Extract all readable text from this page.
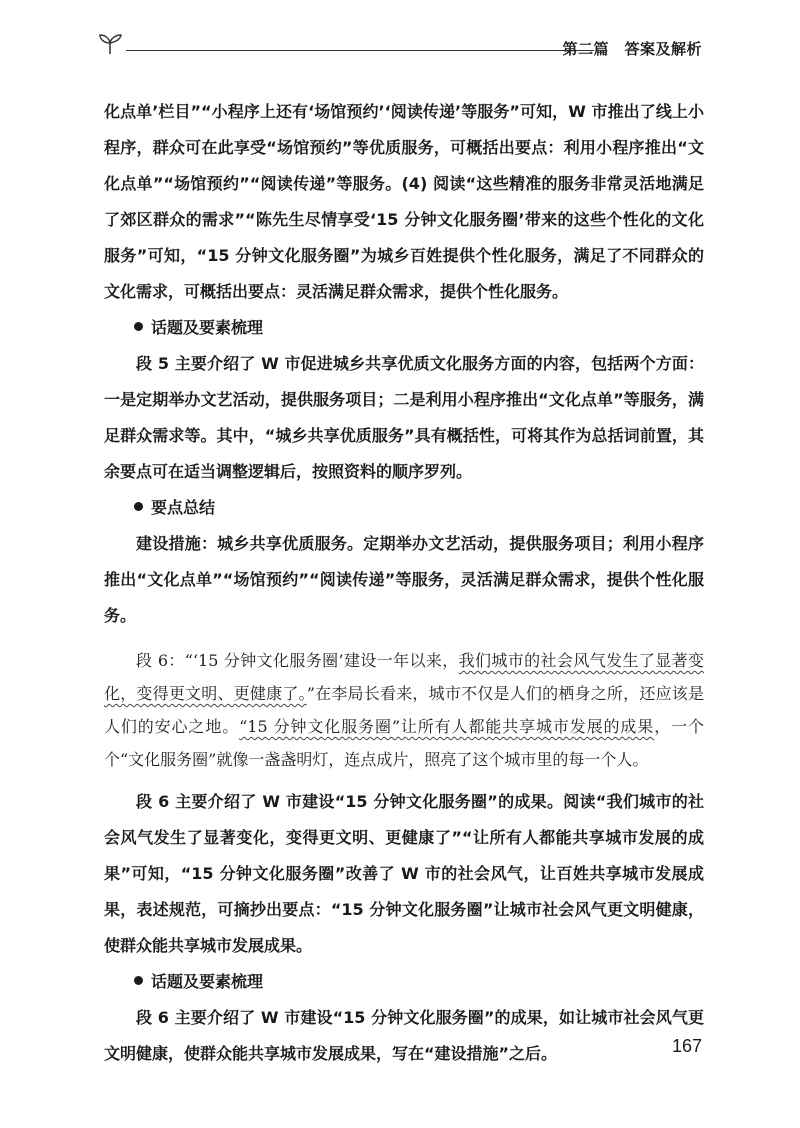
第二篇　答案及解析

化点单’栏目”“小程序上还有‘场馆预约’‘阅读传递’等服务”可知，W 市推出了线上小程序，群众可在此享受“场馆预约”等优质服务，可概括出要点：利用小程序推出“文化点单”“场馆预约”“阅读传递”等服务。(4) 阅读“这些精准的服务非常灵活地满足了郊区群众的需求”“陈先生尽情享受‘15 分钟文化服务圈’带来的这些个性化的文化服务”可知，“15 分钟文化服务圈”为城乡百姓提供个性化服务，满足了不同群众的文化需求，可概括出要点：灵活满足群众需求，提供个性化服务。

话题及要素梳理

段 5 主要介绍了 W 市促进城乡共享优质文化服务方面的内容，包括两个方面：一是定期举办文艺活动，提供服务项目；二是利用小程序推出“文化点单”等服务，满足群众需求等。其中，“城乡共享优质服务”具有概括性，可将其作为总括词前置，其余要点可在适当调整逻辑后，按照资料的顺序罗列。

要点总结

建设措施：城乡共享优质服务。定期举办文艺活动，提供服务项目；利用小程序推出“文化点单”“场馆预约”“阅读传递”等服务，灵活满足群众需求，提供个性化服务。

段 6：“‘15 分钟文化服务圈’建设一年以来，我们城市的社会风气发生了显著变化，变得更文明、更健康了。”在李局长看来，城市不仅是人们的栖身之所，还应该是人们的安心之地。“15 分钟文化服务圈”让所有人都能共享城市发展的成果，一个个“文化服务圈”就像一盏盏明灯，连点成片，照亮了这个城市里的每一个人。

段 6 主要介绍了 W 市建设“15 分钟文化服务圈”的成果。阅读“我们城市的社会风气发生了显著变化，变得更文明、更健康了”“让所有人都能共享城市发展的成果”可知，“15 分钟文化服务圈”改善了 W 市的社会风气，让百姓共享城市发展成果，表述规范，可摘抄出要点：“15 分钟文化服务圈”让城市社会风气更文明健康，使群众能共享城市发展成果。

话题及要素梳理

段 6 主要介绍了 W 市建设“15 分钟文化服务圈”的成果，如让城市社会风气更文明健康，使群众能共享城市发展成果，写在“建设措施”之后。	167
